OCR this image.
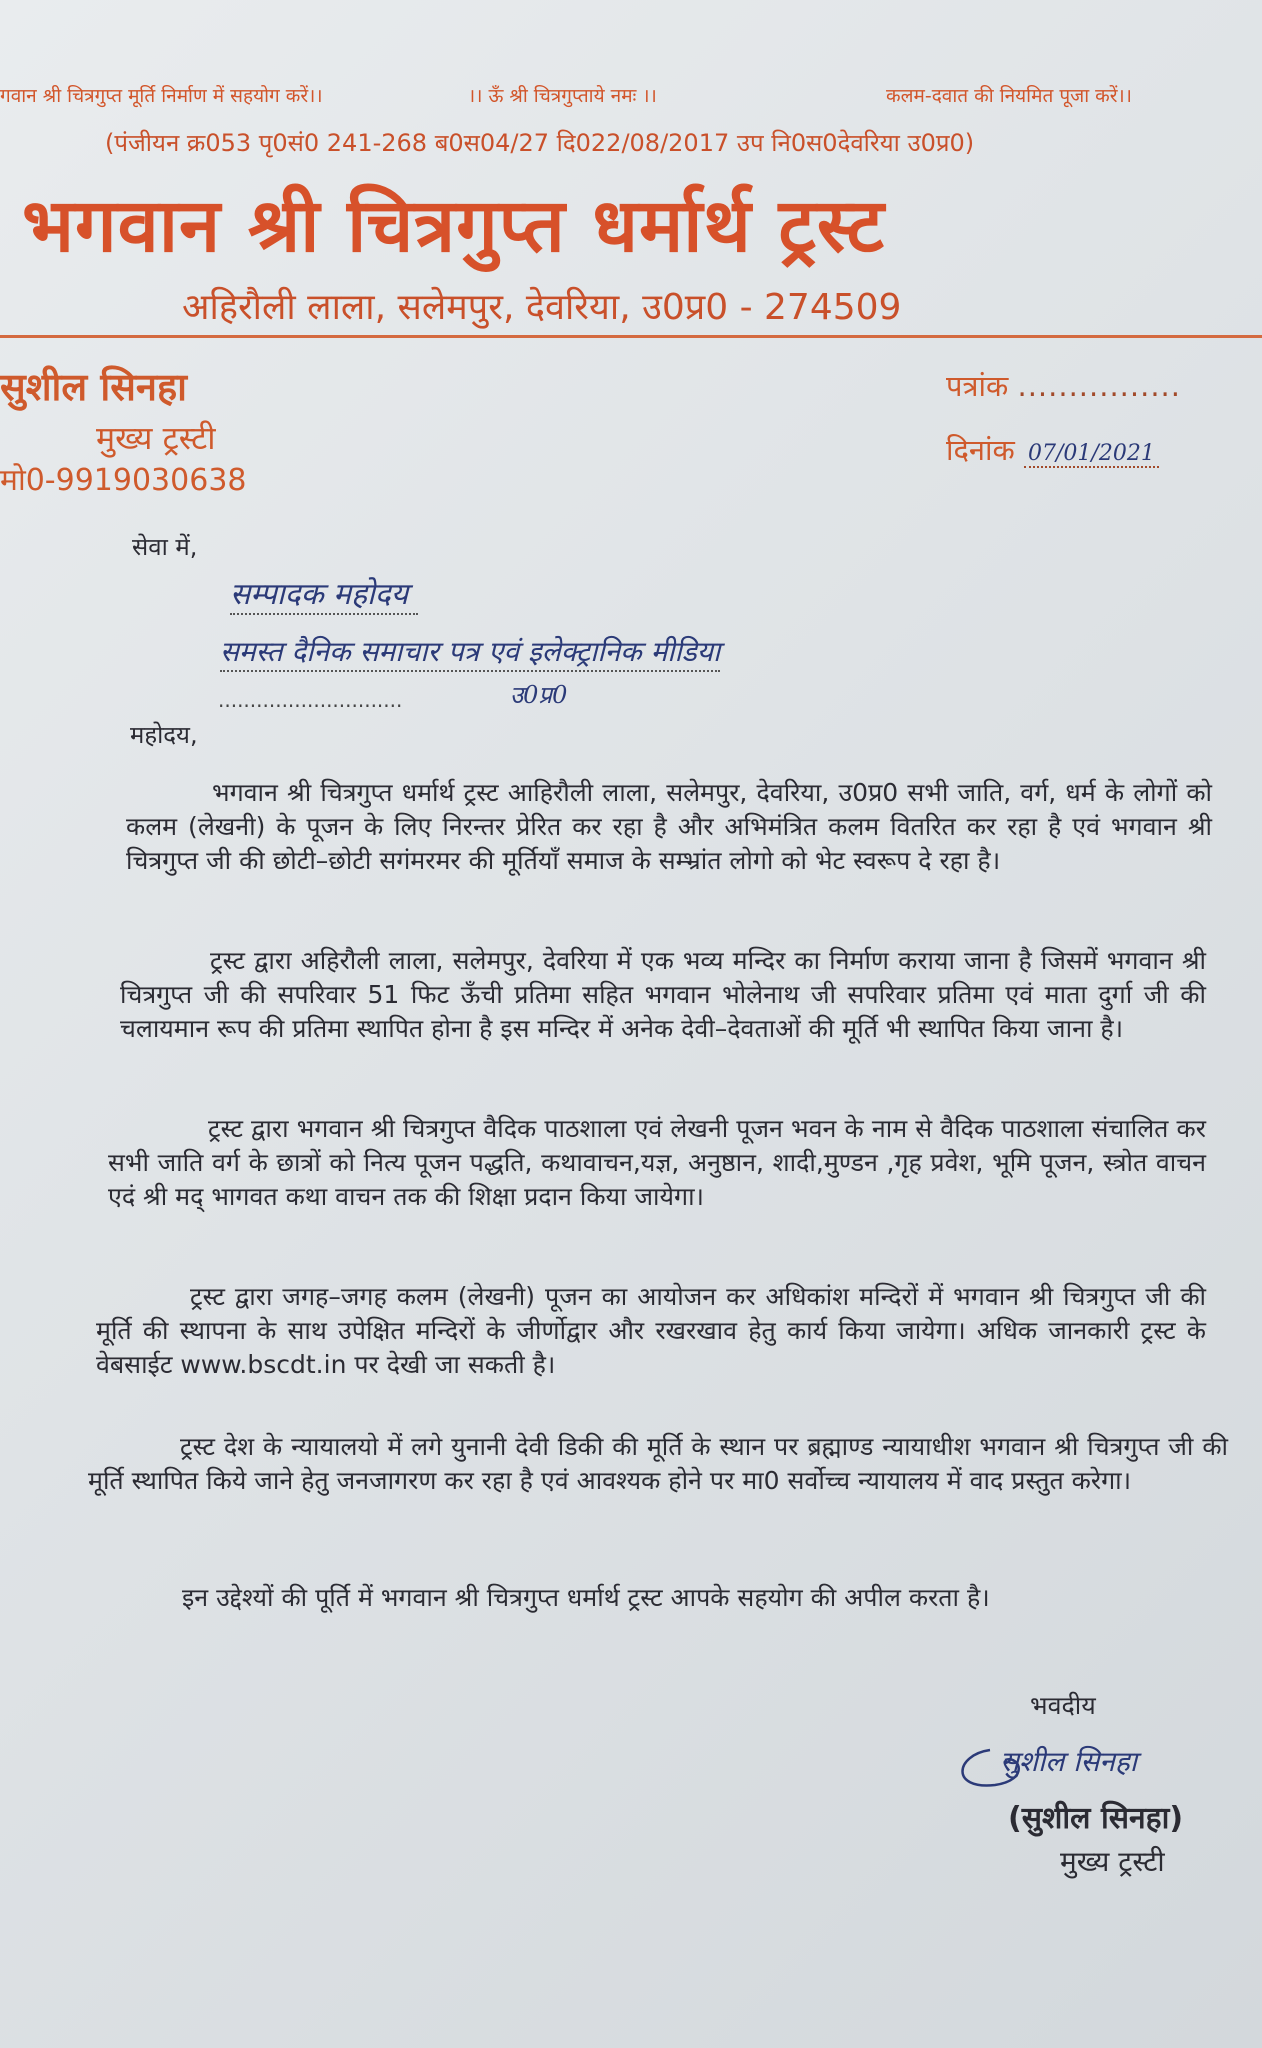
गवान श्री चित्रगुप्त मूर्ति निर्माण में सहयोग करें।।	।। ऊँ श्री चित्रगुप्ताये नमः ।।	कलम-दवात की नियमित पूजा करें।।
(पंजीयन क्र053 पृ0सं0 241-268 ब0स04/27 दि022/08/2017 उप नि0स0देवरिया उ0प्र0)
भगवान श्री चित्रगुप्त धर्मार्थ ट्रस्ट
अहिरौली लाला, सलेमपुर, देवरिया, उ0प्र0 - 274509
सुशील सिनहा
मुख्य ट्रस्टी
मो0-9919030638
पत्रांक ................
दिनांक 07/01/2021
सेवा में,
सम्पादक महोदय
समस्त दैनिक समाचार पत्र एवं इलेक्ट्रानिक मीडिया
.............................	उ0प्र0
महोदय,
भगवान श्री चित्रगुप्त धर्मार्थ ट्रस्ट आहिरौली लाला, सलेमपुर, देवरिया, उ0प्र0 सभी जाति, वर्ग, धर्म के लोगों को कलम (लेखनी) के पूजन के लिए निरन्तर प्रेरित कर रहा है और अभिमंत्रित कलम वितरित कर रहा है एवं भगवान श्री चित्रगुप्त जी की छोटी–छोटी सगंमरमर की मूर्तियाँ समाज के सम्भ्रांत लोगो को भेट स्वरूप दे रहा है।
ट्रस्ट द्वारा अहिरौली लाला, सलेमपुर, देवरिया में एक भव्य मन्दिर का निर्माण कराया जाना है जिसमें भगवान श्री चित्रगुप्त जी की सपरिवार 51 फिट ऊँची प्रतिमा सहित भगवान भोलेनाथ जी सपरिवार प्रतिमा एवं माता दुर्गा जी की चलायमान रूप की प्रतिमा स्थापित होना है इस मन्दिर में अनेक देवी–देवताओं की मूर्ति भी स्थापित किया जाना है।
ट्रस्ट द्वारा भगवान श्री चित्रगुप्त वैदिक पाठशाला एवं लेखनी पूजन भवन के नाम से वैदिक पाठशाला संचालित कर सभी जाति वर्ग के छात्रों को नित्य पूजन पद्धति, कथावाचन,यज्ञ, अनुष्ठान, शादी,मुण्डन ,गृह प्रवेश, भूमि पूजन, स्त्रोत वाचन एदं श्री मद् भागवत कथा वाचन तक की शिक्षा प्रदान किया जायेगा।
ट्रस्ट द्वारा जगह–जगह कलम (लेखनी) पूजन का आयोजन कर अधिकांश मन्दिरों में भगवान श्री चित्रगुप्त जी की मूर्ति की स्थापना के साथ उपेक्षित मन्दिरों के जीर्णोद्वार और रखरखाव हेतु कार्य किया जायेगा। अधिक जानकारी ट्रस्ट के वेबसाईट www.bscdt.in पर देखी जा सकती है।
ट्रस्ट देश के न्यायालयो में लगे युनानी देवी डिकी की मूर्ति के स्थान पर ब्रह्माण्ड न्यायाधीश भगवान श्री चित्रगुप्त जी की मूर्ति स्थापित किये जाने हेतु जनजागरण कर रहा है एवं आवश्यक होने पर मा0 सर्वोच्च न्यायालय में वाद प्रस्तुत करेगा।
इन उद्देश्यों की पूर्ति में भगवान श्री चित्रगुप्त धर्मार्थ ट्रस्ट आपके सहयोग की अपील करता है।
भवदीय
सुशील सिनहा
(सुशील सिनहा)
मुख्य ट्रस्टी
